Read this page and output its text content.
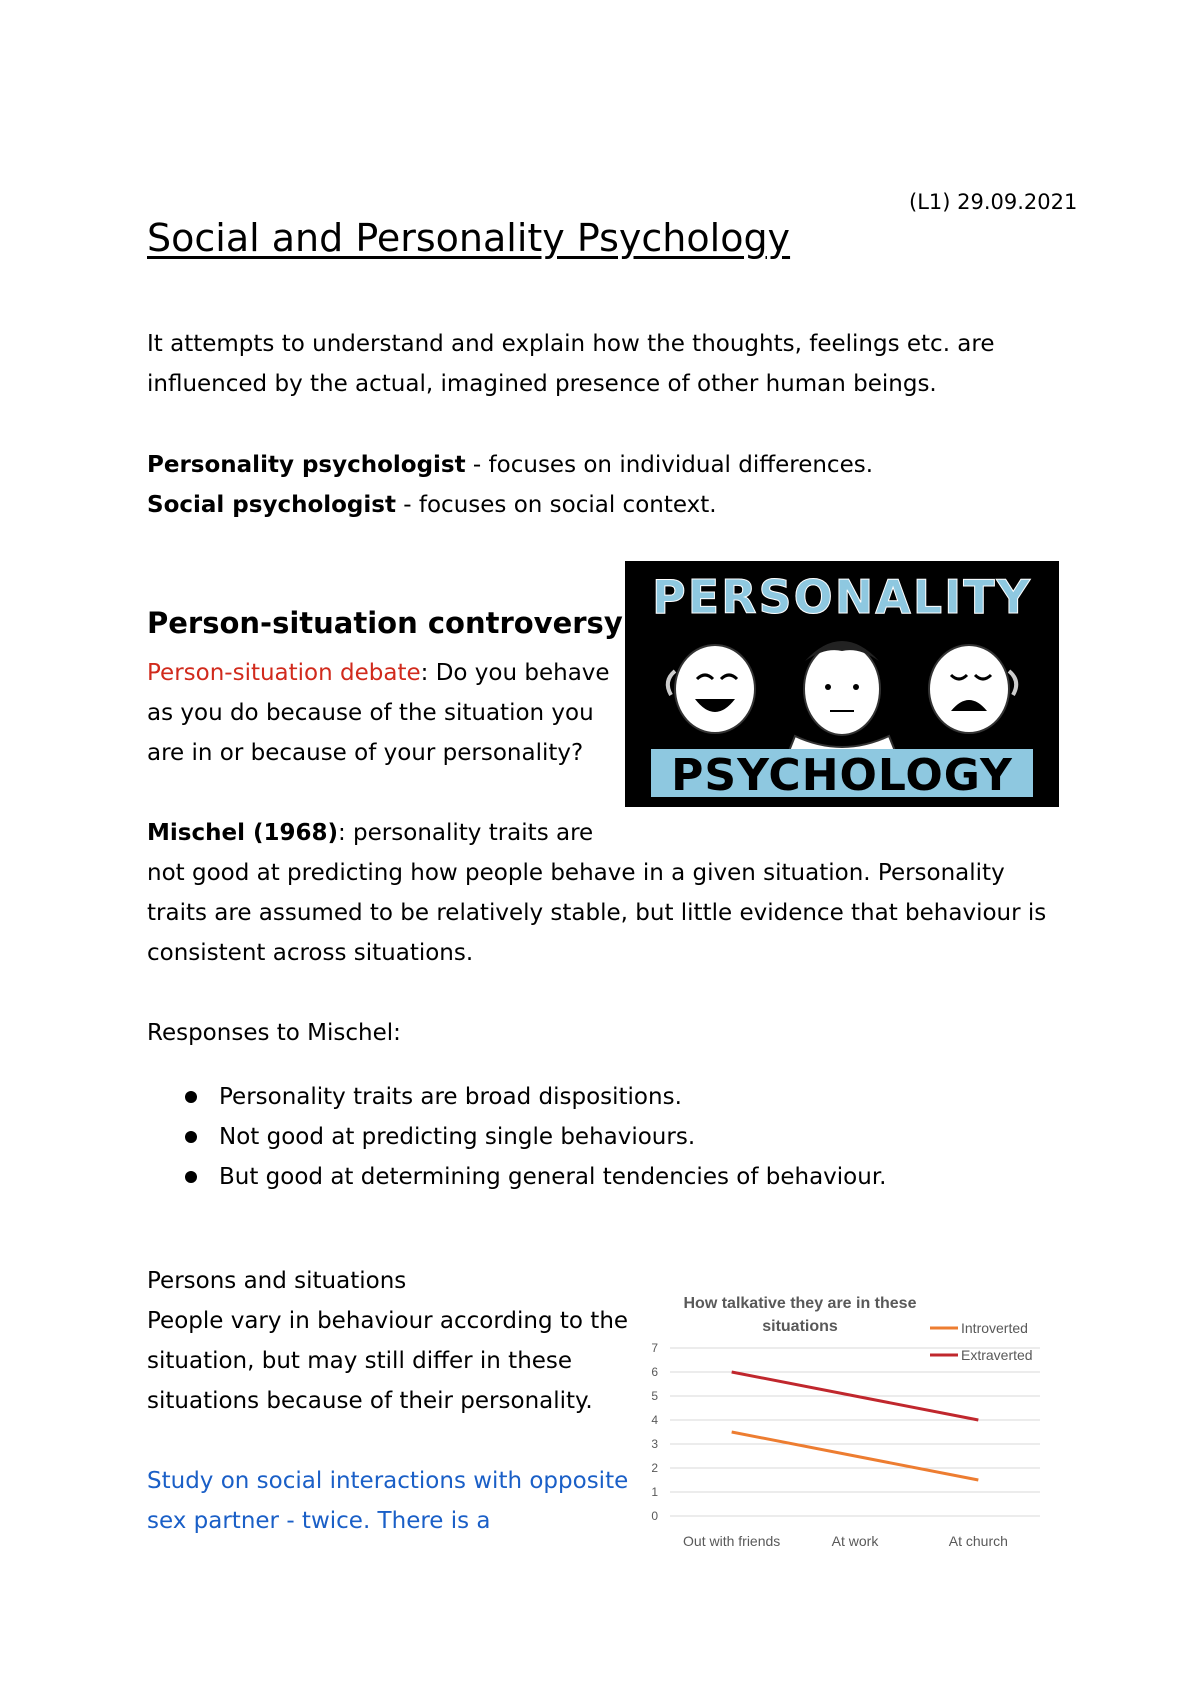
(L1) 29.09.2021
Social and Personality Psychology
It attempts to understand and explain how the thoughts, feelings etc. are
influenced by the actual, imagined presence of other human beings.
Personality psychologist - focuses on individual differences.
Social psychologist - focuses on social context.
PERSONALITY
PSYCHOLOGY
Person-situation controversy
Person-situation debate: Do you behave
as you do because of the situation you
are in or because of your personality?
Mischel (1968): personality traits are
not good at predicting how people behave in a given situation. Personality
traits are assumed to be relatively stable, but little evidence that behaviour is
consistent across situations.
Responses to Mischel:
Personality traits are broad dispositions.
Not good at predicting single behaviours.
But good at determining general tendencies of behaviour.
Persons and situations
People vary in behaviour according to the
situation, but may still differ in these
situations because of their personality.
Study on social interactions with opposite
sex partner - twice. There is a
How talkative they are in these
situations
0
1
2
3
4
5
6
7
Out with friends	At work	At church
Introverted
Extraverted
